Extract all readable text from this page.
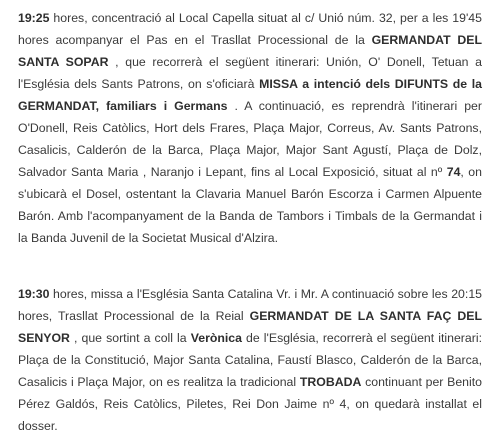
19:25 hores, concentració al Local Capella situat al c/ Unió núm. 32, per a les 19'45 hores acompanyar el Pas en el Trasllat Processional de la GERMANDAT DEL SANTA SOPAR , que recorrerà el següent itinerari: Unión, O' Donell, Tetuan a l'Església dels Sants Patrons, on s'oficiarà MISSA a intenció dels DIFUNTS de la GERMANDAT, familiars i Germans . A continuació, es reprendrà l'itinerari per O'Donell, Reis Catòlics, Hort dels Frares, Plaça Major, Correus, Av. Sants Patrons, Casalicis, Calderón de la Barca, Plaça Major, Major Sant Agustí, Plaça de Dolz, Salvador Santa Maria , Naranjo i Lepant, fins al Local Exposició, situat al nº 74, on s'ubicarà el Dosel, ostentant la Clavaria Manuel Barón Escorza i Carmen Alpuente Barón. Amb l'acompanyament de la Banda de Tambors i Timbals de la Germandat i la Banda Juvenil de la Societat Musical d'Alzira.

19:30 hores, missa a l'Església Santa Catalina Vr. i Mr. A continuació sobre les 20:15 hores, Trasllat Processional de la Reial GERMANDAT DE LA SANTA FAÇ DEL SENYOR , que sortint a coll la Verònica de l'Església, recorrerà el següent itinerari: Plaça de la Constitució, Major Santa Catalina, Faustí Blasco, Calderón de la Barca, Casalicis i Plaça Major, on es realitza la tradicional TROBADA continuant per Benito Pérez Galdós, Reis Catòlics, Piletes, Rei Don Jaime nº 4, on quedarà installat el dosser.
